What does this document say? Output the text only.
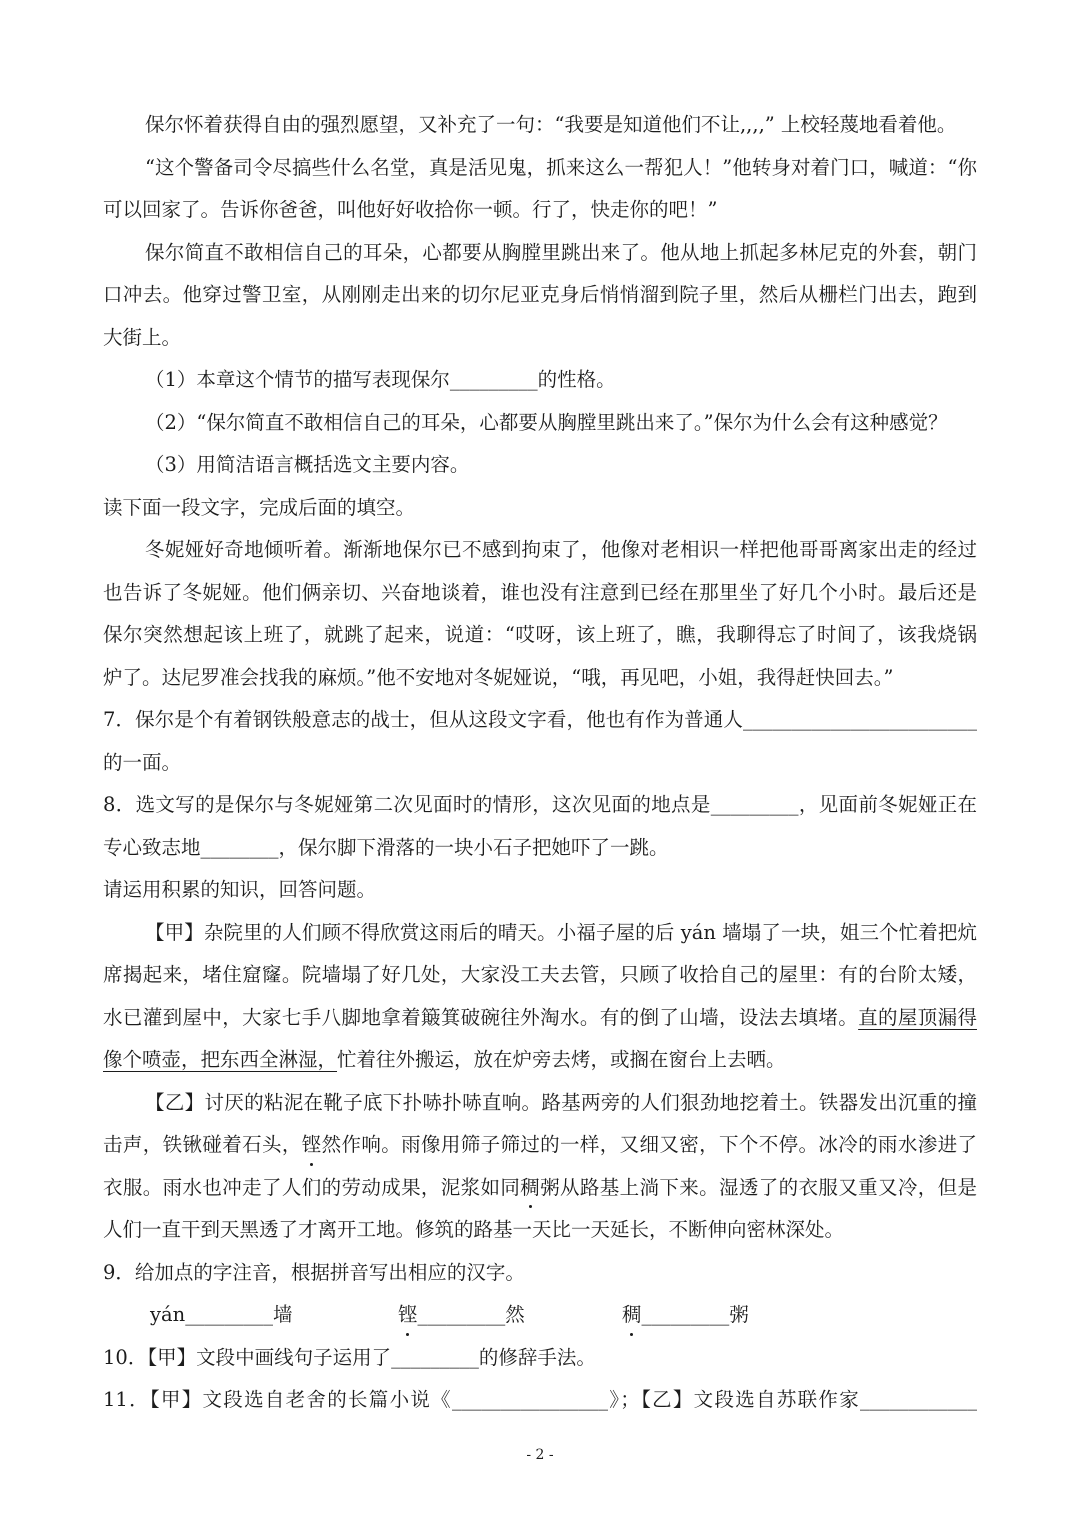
保尔怀着获得自由的强烈愿望，又补充了一句：“我要是知道他们不让,,,,” 上校轻蔑地看着他。
“这个警备司令尽搞些什么名堂，真是活见鬼，抓来这么一帮犯人！”他转身对着门口，喊道：“你
可以回家了。告诉你爸爸，叫他好好收拾你一顿。行了，快走你的吧！”
保尔简直不敢相信自己的耳朵，心都要从胸膛里跳出来了。他从地上抓起多林尼克的外套，朝门
口冲去。他穿过警卫室，从刚刚走出来的切尔尼亚克身后悄悄溜到院子里，然后从栅栏门出去，跑到
大街上。
（1）本章这个情节的描写表现保尔_________的性格。
（2）“保尔简直不敢相信自己的耳朵，心都要从胸膛里跳出来了。”保尔为什么会有这种感觉？
（3）用简洁语言概括选文主要内容。
读下面一段文字，完成后面的填空。
冬妮娅好奇地倾听着。渐渐地保尔已不感到拘束了，他像对老相识一样把他哥哥离家出走的经过
也告诉了冬妮娅。他们俩亲切、兴奋地谈着，谁也没有注意到已经在那里坐了好几个小时。最后还是
保尔突然想起该上班了，就跳了起来，说道：“哎呀，该上班了，瞧，我聊得忘了时间了，该我烧锅
炉了。达尼罗准会找我的麻烦。”他不安地对冬妮娅说，“哦，再见吧，小姐，我得赶快回去。”
7．保尔是个有着钢铁般意志的战士，但从这段文字看，他也有作为普通人________________________
的一面。
8．选文写的是保尔与冬妮娅第二次见面时的情形，这次见面的地点是_________，见面前冬妮娅正在
专心致志地________，保尔脚下滑落的一块小石子把她吓了一跳。
请运用积累的知识，回答问题。
【甲】杂院里的人们顾不得欣赏这雨后的晴天。小福子屋的后 yán 墙塌了一块，姐三个忙着把炕
席揭起来，堵住窟窿。院墙塌了好几处，大家没工夫去管，只顾了收拾自己的屋里：有的台阶太矮，
水已灌到屋中，大家七手八脚地拿着簸箕破碗往外淘水。有的倒了山墙，设法去填堵。直的屋顶漏得
像个喷壶，把东西全淋湿，忙着往外搬运，放在炉旁去烤，或搁在窗台上去晒。
【乙】讨厌的粘泥在靴子底下扑哧扑哧直响。路基两旁的人们狠劲地挖着土。铁器发出沉重的撞
击声，铁锹碰着石头，铿然作响。雨像用筛子筛过的一样，又细又密，下个不停。冰冷的雨水渗进了
衣服。雨水也冲走了人们的劳动成果，泥浆如同稠粥从路基上淌下来。湿透了的衣服又重又冷，但是
人们一直干到天黑透了才离开工地。修筑的路基一天比一天延长，不断伸向密林深处。
9．给加点的字注音，根据拼音写出相应的汉字。
yán_________墙	铿_________然	稠_________粥
10．【甲】文段中画线句子运用了_________的修辞手法。
11．【甲】文段选自老舍的长篇小说《________________》；【乙】文段选自苏联作家____________
- 2 -
